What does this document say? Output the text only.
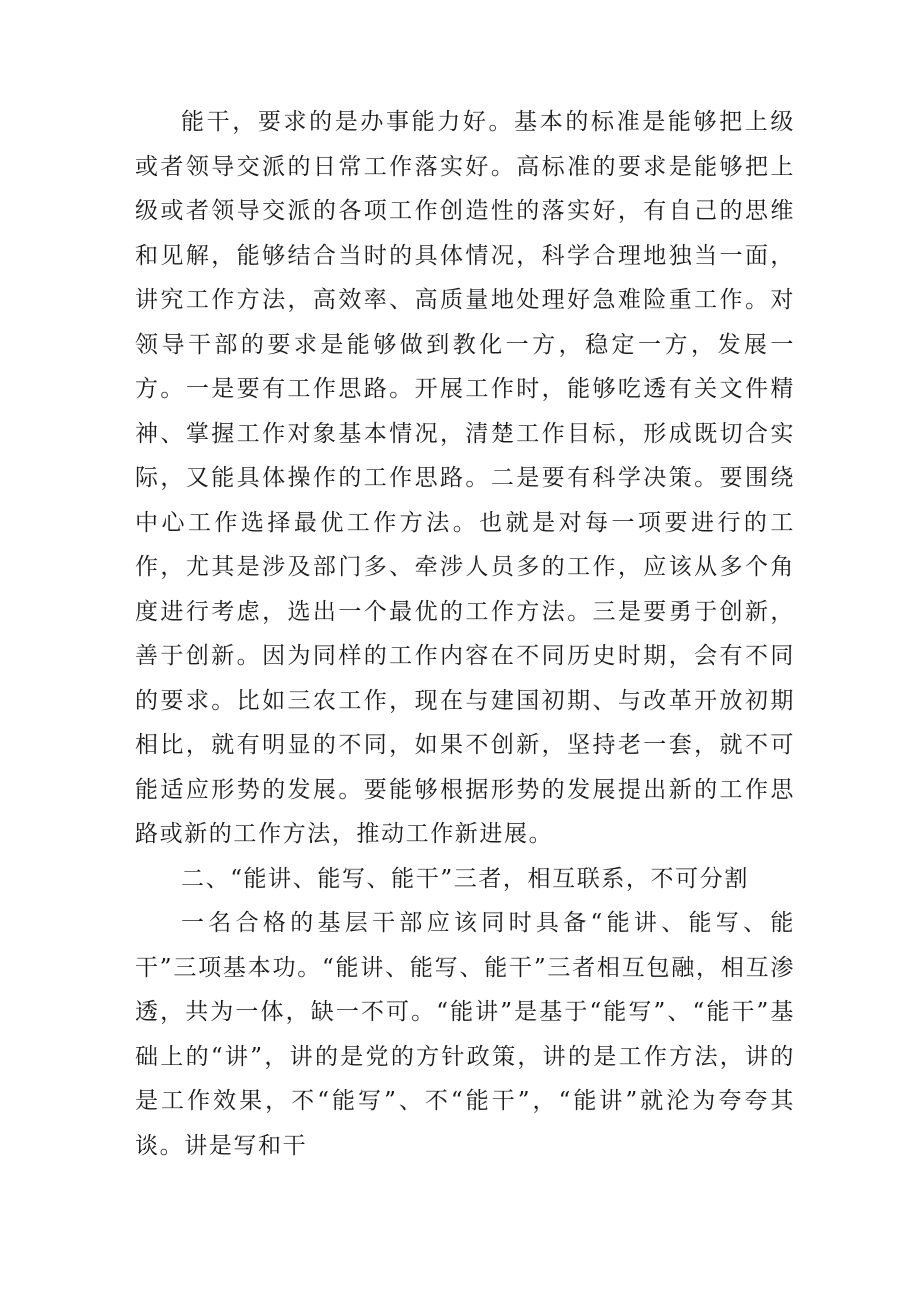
能干，要求的是办事能力好。基本的标准是能够把上级或者领导交派的日常工作落实好。高标准的要求是能够把上级或者领导交派的各项工作创造性的落实好，有自己的思维和见解，能够结合当时的具体情况，科学合理地独当一面，讲究工作方法，高效率、高质量地处理好急难险重工作。对领导干部的要求是能够做到教化一方，稳定一方，发展一方。一是要有工作思路。开展工作时，能够吃透有关文件精神、掌握工作对象基本情况，清楚工作目标，形成既切合实际，又能具体操作的工作思路。二是要有科学决策。要围绕中心工作选择最优工作方法。也就是对每一项要进行的工作，尤其是涉及部门多、牵涉人员多的工作，应该从多个角度进行考虑，选出一个最优的工作方法。三是要勇于创新，善于创新。因为同样的工作内容在不同历史时期，会有不同的要求。比如三农工作，现在与建国初期、与改革开放初期相比，就有明显的不同，如果不创新，坚持老一套，就不可能适应形势的发展。要能够根据形势的发展提出新的工作思路或新的工作方法，推动工作新进展。

二、“能讲、能写、能干”三者，相互联系，不可分割

一名合格的基层干部应该同时具备“能讲、能写、能干”三项基本功。“能讲、能写、能干”三者相互包融，相互渗透，共为一体，缺一不可。“能讲”是基于“能写”、“能干”基础上的“讲”，讲的是党的方针政策，讲的是工作方法，讲的是工作效果，不“能写”、不“能干”，“能讲”就沦为夸夸其谈。讲是写和干
